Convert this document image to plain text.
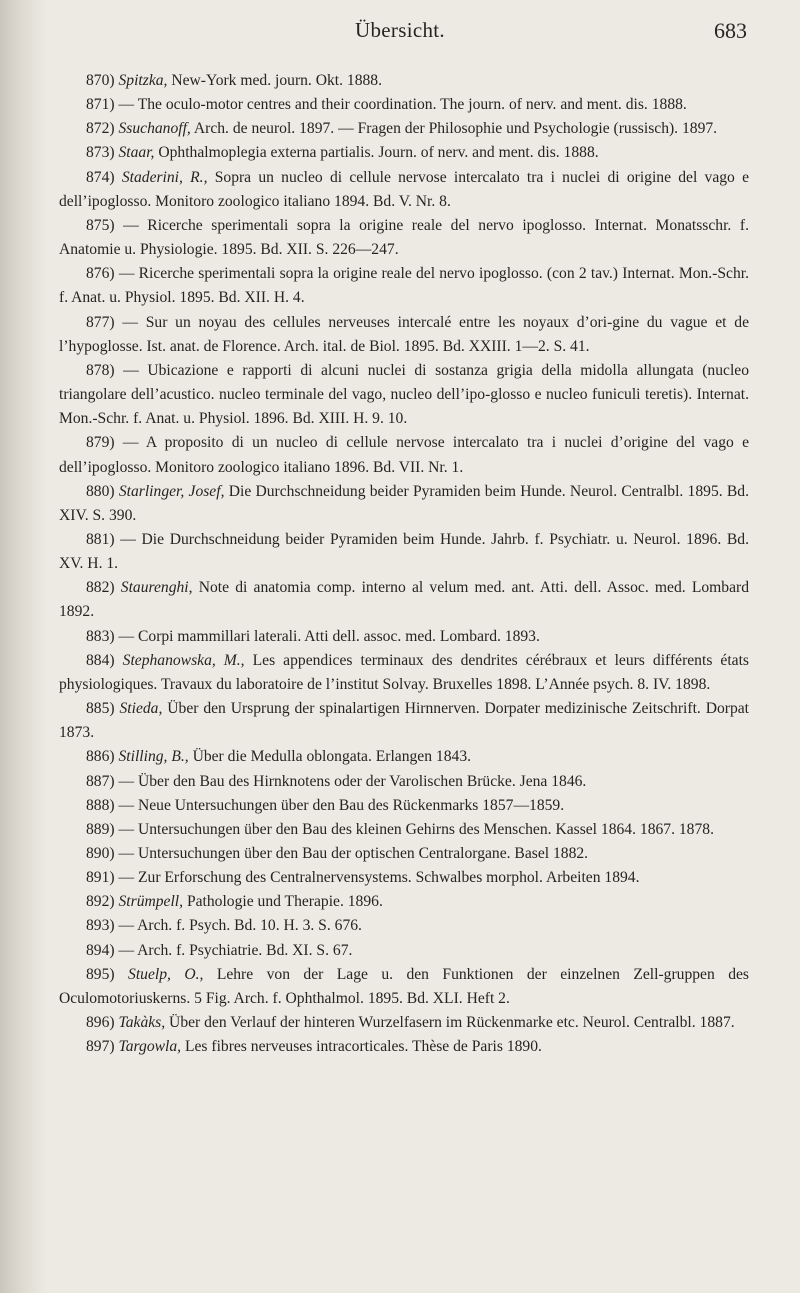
Übersicht.	683

870) Spitzka, New-York med. journ. Okt. 1888.

871) — The oculo-motor centres and their coordination. The journ. of nerv. and ment. dis. 1888.

872) Ssuchanoff, Arch. de neurol. 1897. — Fragen der Philosophie und Psychologie (russisch). 1897.

873) Staar, Ophthalmoplegia externa partialis. Journ. of nerv. and ment. dis. 1888.

874) Staderini, R., Sopra un nucleo di cellule nervose intercalato tra i nuclei di origine del vago e dell’ipoglosso. Monitoro zoologico italiano 1894. Bd. V. Nr. 8.

875) — Ricerche sperimentali sopra la origine reale del nervo ipoglosso. Internat. Monatsschr. f. Anatomie u. Physiologie. 1895. Bd. XII. S. 226—247.

876) — Ricerche sperimentali sopra la origine reale del nervo ipoglosso. (con 2 tav.) Internat. Mon.-Schr. f. Anat. u. Physiol. 1895. Bd. XII. H. 4.

877) — Sur un noyau des cellules nerveuses intercalé entre les noyaux d’ori-gine du vague et de l’hypoglosse. Ist. anat. de Florence. Arch. ital. de Biol. 1895. Bd. XXIII. 1—2. S. 41.

878) — Ubicazione e rapporti di alcuni nuclei di sostanza grigia della midolla allungata (nucleo triangolare dell’acustico. nucleo terminale del vago, nucleo dell’ipo-glosso e nucleo funiculi teretis). Internat. Mon.-Schr. f. Anat. u. Physiol. 1896. Bd. XIII. H. 9. 10.

879) — A proposito di un nucleo di cellule nervose intercalato tra i nuclei d’origine del vago e dell’ipoglosso. Monitoro zoologico italiano 1896. Bd. VII. Nr. 1.

880) Starlinger, Josef, Die Durchschneidung beider Pyramiden beim Hunde. Neurol. Centralbl. 1895. Bd. XIV. S. 390.

881) — Die Durchschneidung beider Pyramiden beim Hunde. Jahrb. f. Psychiatr. u. Neurol. 1896. Bd. XV. H. 1.

882) Staurenghi, Note di anatomia comp. interno al velum med. ant. Atti. dell. Assoc. med. Lombard 1892.

883) — Corpi mammillari laterali. Atti dell. assoc. med. Lombard. 1893.

884) Stephanowska, M., Les appendices terminaux des dendrites cérébraux et leurs différents états physiologiques. Travaux du laboratoire de l’institut Solvay. Bruxelles 1898. L’Année psych. 8. IV. 1898.

885) Stieda, Über den Ursprung der spinalartigen Hirnnerven. Dorpater medizinische Zeitschrift. Dorpat 1873.

886) Stilling, B., Über die Medulla oblongata. Erlangen 1843.

887) — Über den Bau des Hirnknotens oder der Varolischen Brücke. Jena 1846.

888) — Neue Untersuchungen über den Bau des Rückenmarks 1857—1859.

889) — Untersuchungen über den Bau des kleinen Gehirns des Menschen. Kassel 1864. 1867. 1878.

890) — Untersuchungen über den Bau der optischen Centralorgane. Basel 1882.

891) — Zur Erforschung des Centralnervensystems. Schwalbes morphol. Arbeiten 1894.

892) Strümpell, Pathologie und Therapie. 1896.

893) — Arch. f. Psych. Bd. 10. H. 3. S. 676.

894) — Arch. f. Psychiatrie. Bd. XI. S. 67.

895) Stuelp, O., Lehre von der Lage u. den Funktionen der einzelnen Zell-gruppen des Oculomotoriuskerns. 5 Fig. Arch. f. Ophthalmol. 1895. Bd. XLI. Heft 2.

896) Takàks, Über den Verlauf der hinteren Wurzelfasern im Rückenmarke etc. Neurol. Centralbl. 1887.

897) Targowla, Les fibres nerveuses intracorticales. Thèse de Paris 1890.
